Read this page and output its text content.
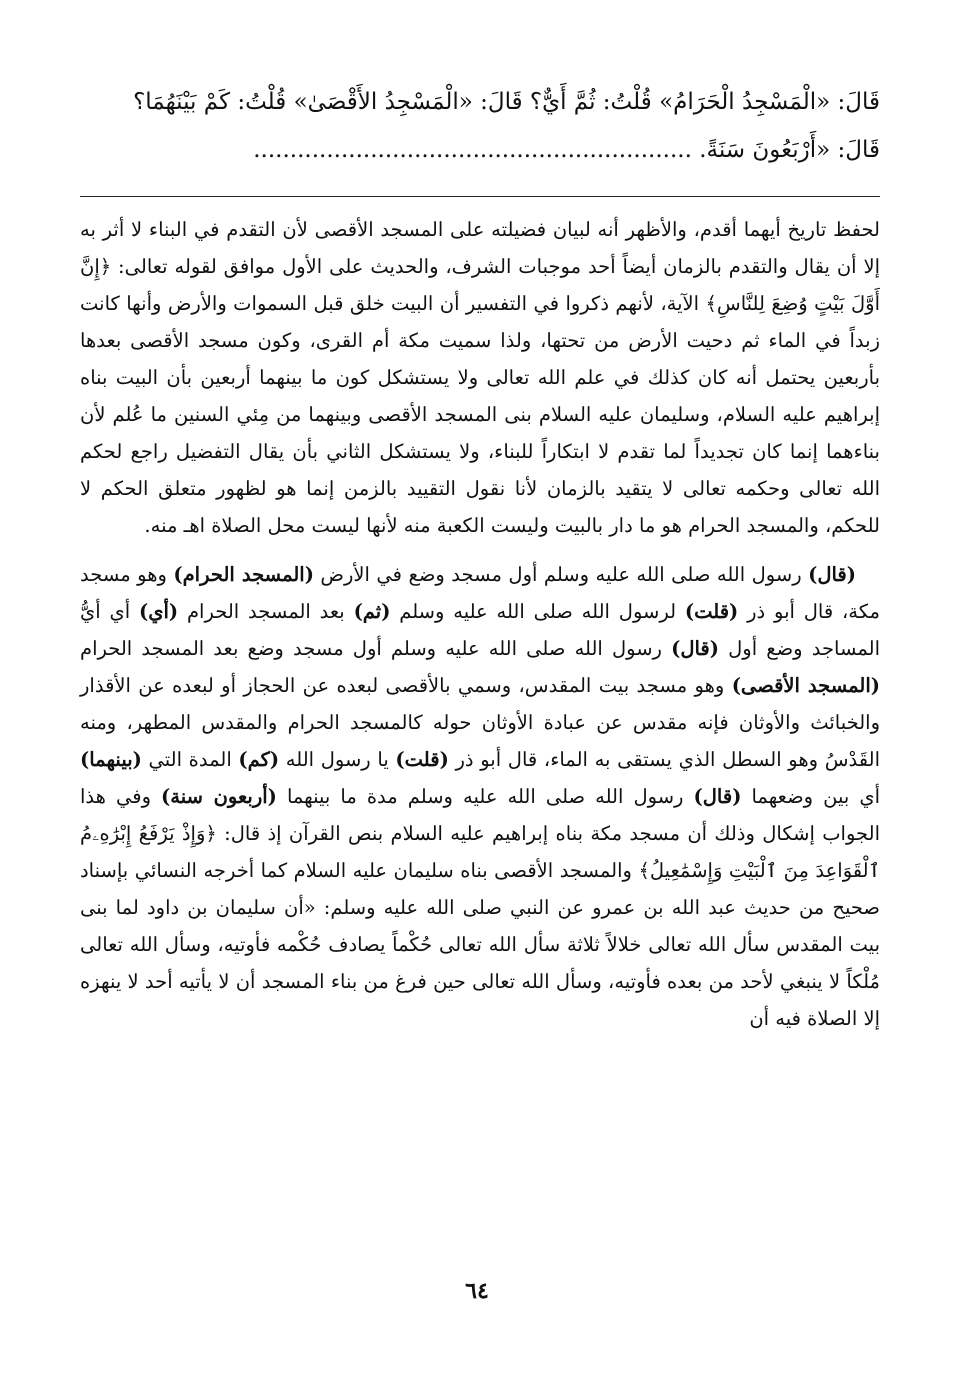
قَالَ: «الْمَسْجِدُ الْحَرَامُ» قُلْتُ: ثُمَّ أَيٌّ؟ قَالَ: «الْمَسْجِدُ الأَقْصَىٰ» قُلْتُ: كَمْ بَيْنَهُمَا؟
قَالَ: «أَرْبَعُونَ سَنَةً. ............................................................
لحفظ تاريخ أيهما أقدم، والأظهر أنه لبيان فضيلته على المسجد الأقصى لأن التقدم في البناء لا أثر به إلا أن يقال والتقدم بالزمان أيضاً أحد موجبات الشرف، والحديث على الأول موافق لقوله تعالى: ﴿إِنَّ أَوَّلَ بَيْتٍ وُضِعَ لِلنَّاسِ﴾ الآية، لأنهم ذكروا في التفسير أن البيت خلق قبل السموات والأرض وأنها كانت زبداً في الماء ثم دحيت الأرض من تحتها، ولذا سميت مكة أم القرى، وكون مسجد الأقصى بعدها بأربعين يحتمل أنه كان كذلك في علم الله تعالى ولا يستشكل كون ما بينهما أربعين بأن البيت بناه إبراهيم عليه السلام، وسليمان عليه السلام بنى المسجد الأقصى وبينهما من مِئي السنين ما عُلم لأن بناءهما إنما كان تجديداً لما تقدم لا ابتكاراً للبناء، ولا يستشكل الثاني بأن يقال التفضيل راجع لحكم الله تعالى وحكمه تعالى لا يتقيد بالزمان لأنا نقول التقييد بالزمن إنما هو لظهور متعلق الحكم لا للحكم، والمسجد الحرام هو ما دار بالبيت وليست الكعبة منه لأنها ليست محل الصلاة اهـ منه.
(قال) رسول الله صلى الله عليه وسلم أول مسجد وضع في الأرض (المسجد الحرام) وهو مسجد مكة، قال أبو ذر (قلت) لرسول الله صلى الله عليه وسلم (ثم) بعد المسجد الحرام (أي) أي أيُّ المساجد وضع أول (قال) رسول الله صلى الله عليه وسلم أول مسجد وضع بعد المسجد الحرام (المسجد الأقصى) وهو مسجد بيت المقدس، وسمي بالأقصى لبعده عن الحجاز أو لبعده عن الأقذار والخبائث والأوثان فإنه مقدس عن عبادة الأوثان حوله كالمسجد الحرام والمقدس المطهر، ومنه القَدْسُ وهو السطل الذي يستقى به الماء، قال أبو ذر (قلت) يا رسول الله (كم) المدة التي (بينهما) أي بين وضعهما (قال) رسول الله صلى الله عليه وسلم مدة ما بينهما (أربعون سنة) وفي هذا الجواب إشكال وذلك أن مسجد مكة بناه إبراهيم عليه السلام بنص القرآن إذ قال: ﴿وَإِذْ يَرْفَعُ إِبْرَٰهِۦمُ ٱلْقَوَاعِدَ مِنَ ٱلْبَيْتِ وَإِسْمَٰعِيلُ﴾ والمسجد الأقصى بناه سليمان عليه السلام كما أخرجه النسائي بإسناد صحيح من حديث عبد الله بن عمرو عن النبي صلى الله عليه وسلم: «أن سليمان بن داود لما بنى بيت المقدس سأل الله تعالى خلالاً ثلاثة سأل الله تعالى حُكْماً يصادف حُكْمه فأوتيه، وسأل الله تعالى مُلْكاً لا ينبغي لأحد من بعده فأوتيه، وسأل الله تعالى حين فرغ من بناء المسجد أن لا يأتيه أحد لا ينهزه إلا الصلاة فيه أن
٦٤
